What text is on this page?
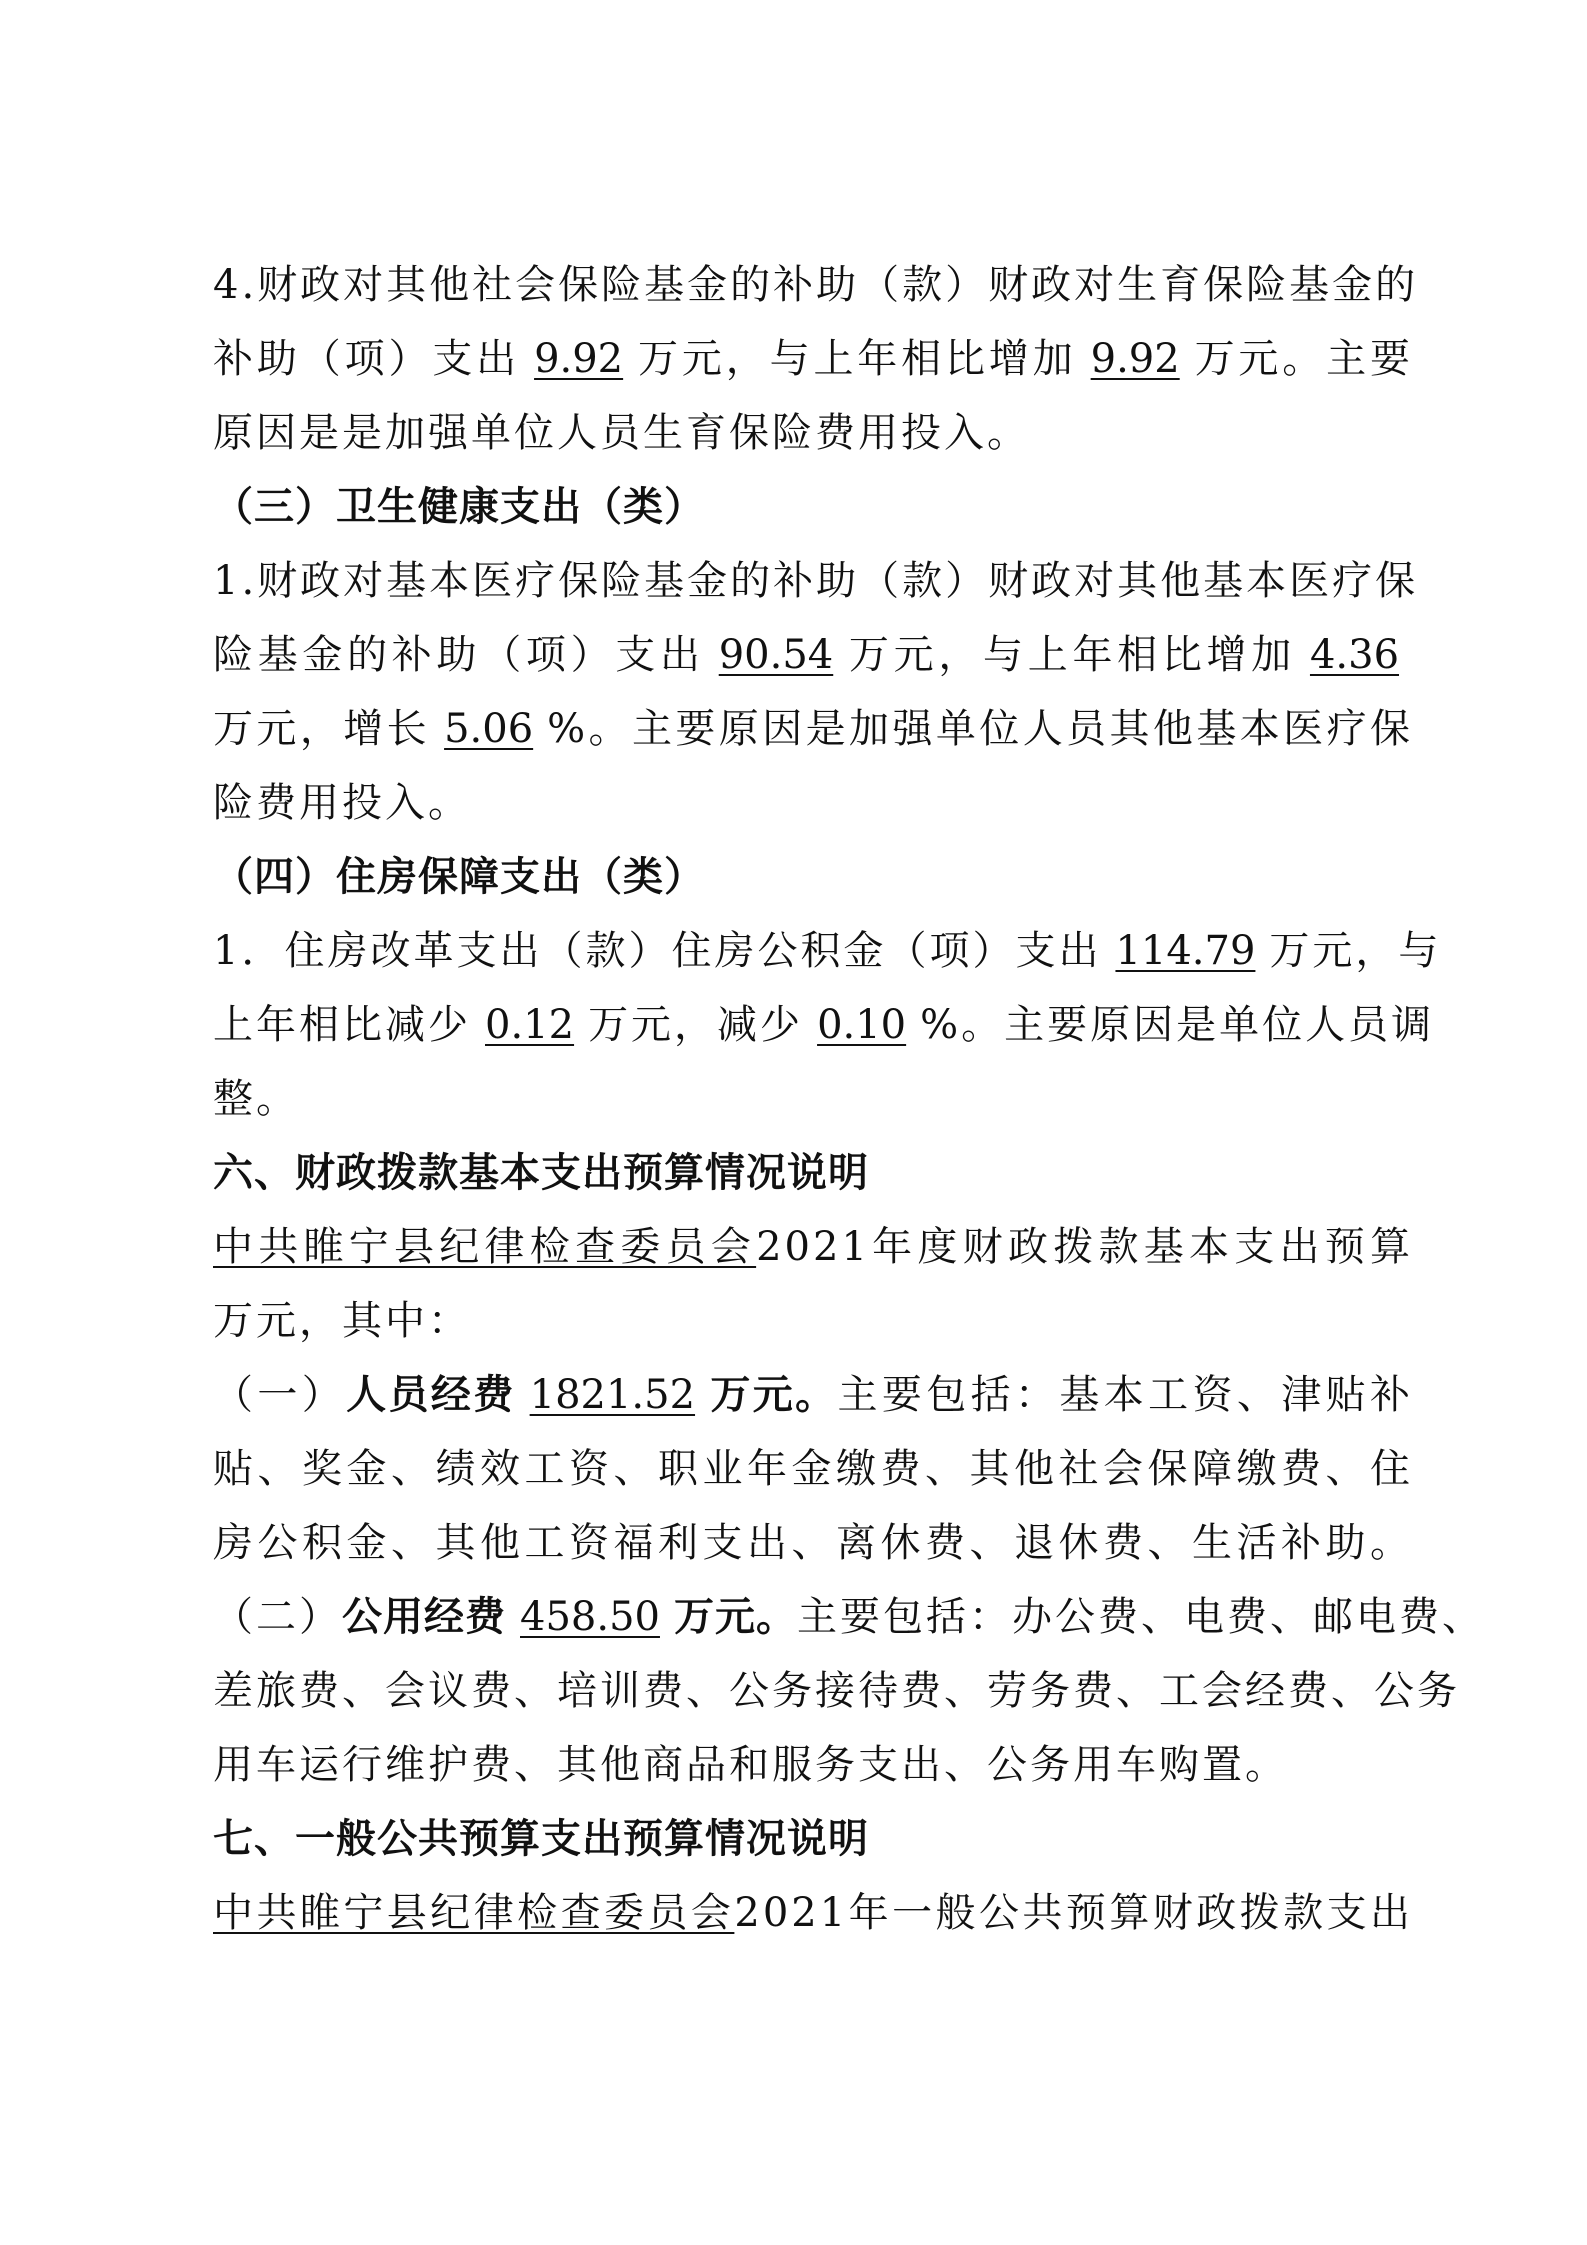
4.财政对其他社会保险基金的补助（款）财政对生育保险基金的
补助（项）支出 9.92 万元，与上年相比增加 9.92 万元。主要
原因是是加强单位人员生育保险费用投入。
（三）卫生健康支出（类）
1.财政对基本医疗保险基金的补助（款）财政对其他基本医疗保
险基金的补助（项）支出 90.54 万元，与上年相比增加 4.36
万元，增长 5.06 %。主要原因是加强单位人员其他基本医疗保
险费用投入。
（四）住房保障支出（类）
1．住房改革支出（款）住房公积金（项）支出 114.79 万元，与
上年相比减少 0.12 万元，减少 0.10 %。主要原因是单位人员调
整。
六、财政拨款基本支出预算情况说明
中共睢宁县纪律检查委员会2021年度财政拨款基本支出预算
万元，其中：
（一）人员经费 1821.52 万元。主要包括：基本工资、津贴补
贴、奖金、绩效工资、职业年金缴费、其他社会保障缴费、住
房公积金、其他工资福利支出、离休费、退休费、生活补助。
（二）公用经费 458.50 万元。主要包括：办公费、电费、邮电费、
差旅费、会议费、培训费、公务接待费、劳务费、工会经费、公务
用车运行维护费、其他商品和服务支出、公务用车购置。
七、一般公共预算支出预算情况说明
中共睢宁县纪律检查委员会2021年一般公共预算财政拨款支出
